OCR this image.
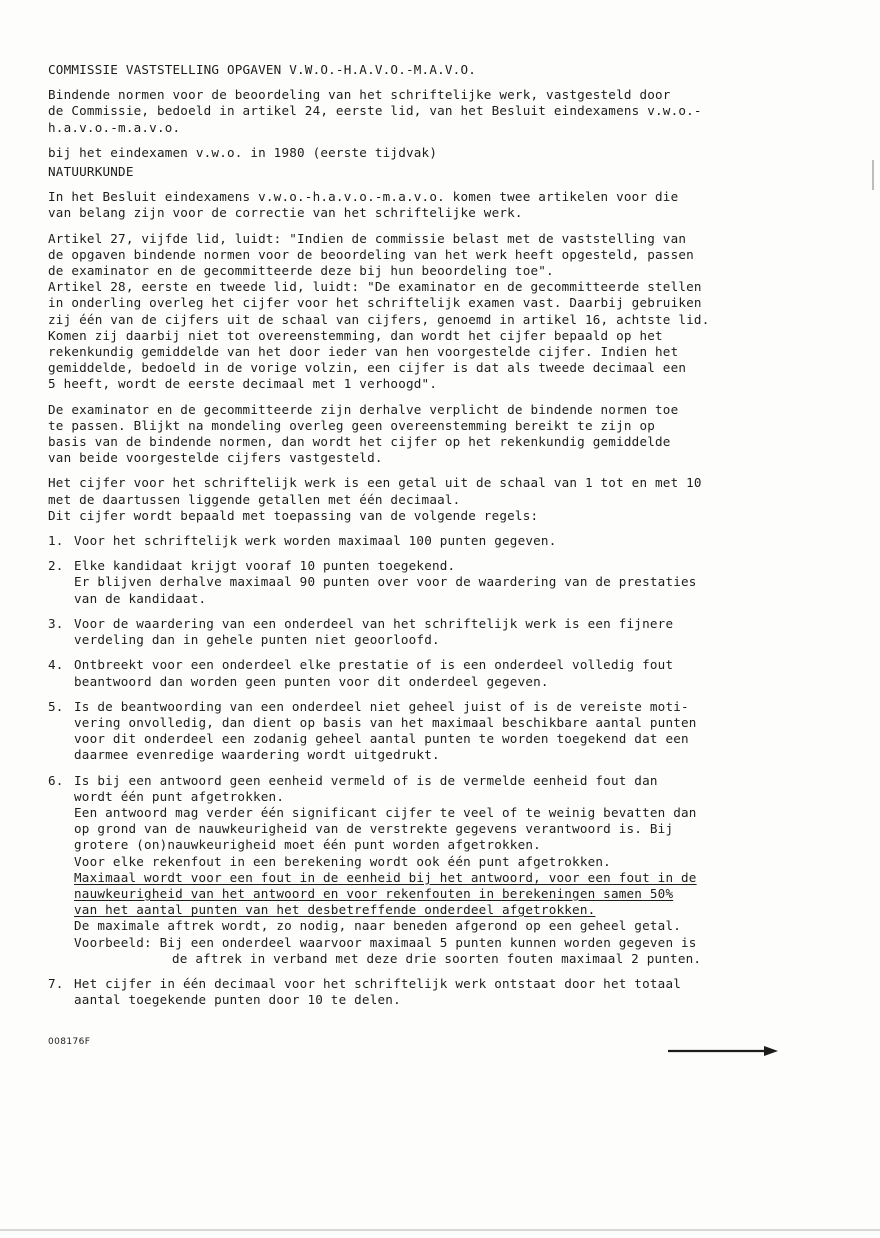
COMMISSIE VASTSTELLING OPGAVEN V.W.O.-H.A.V.O.-M.A.V.O.
Bindende normen voor de beoordeling van het schriftelijke werk, vastgesteld door
de Commissie, bedoeld in artikel 24, eerste lid, van het Besluit eindexamens v.w.o.-
h.a.v.o.-m.a.v.o.
bij het eindexamen v.w.o. in 1980 (eerste tijdvak)
NATUURKUNDE
In het Besluit eindexamens v.w.o.-h.a.v.o.-m.a.v.o. komen twee artikelen voor die
van belang zijn voor de correctie van het schriftelijke werk.
Artikel 27, vijfde lid, luidt: "Indien de commissie belast met de vaststelling van
de opgaven bindende normen voor de beoordeling van het werk heeft opgesteld, passen
de examinator en de gecommitteerde deze bij hun beoordeling toe".
Artikel 28, eerste en tweede lid, luidt: "De examinator en de gecommitteerde stellen
in onderling overleg het cijfer voor het schriftelijk examen vast. Daarbij gebruiken
zij één van de cijfers uit de schaal van cijfers, genoemd in artikel 16, achtste lid.
Komen zij daarbij niet tot overeenstemming, dan wordt het cijfer bepaald op het
rekenkundig gemiddelde van het door ieder van hen voorgestelde cijfer. Indien het
gemiddelde, bedoeld in de vorige volzin, een cijfer is dat als tweede decimaal een
5 heeft, wordt de eerste decimaal met 1 verhoogd".
De examinator en de gecommitteerde zijn derhalve verplicht de bindende normen toe
te passen. Blijkt na mondeling overleg geen overeenstemming bereikt te zijn op
basis van de bindende normen, dan wordt het cijfer op het rekenkundig gemiddelde
van beide voorgestelde cijfers vastgesteld.
Het cijfer voor het schriftelijk werk is een getal uit de schaal van 1 tot en met 10
met de daartussen liggende getallen met één decimaal.
Dit cijfer wordt bepaald met toepassing van de volgende regels:
1. Voor het schriftelijk werk worden maximaal 100 punten gegeven.
2. Elke kandidaat krijgt vooraf 10 punten toegekend.
Er blijven derhalve maximaal 90 punten over voor de waardering van de prestaties
van de kandidaat.
3. Voor de waardering van een onderdeel van het schriftelijk werk is een fijnere
verdeling dan in gehele punten niet geoorloofd.
4. Ontbreekt voor een onderdeel elke prestatie of is een onderdeel volledig fout
beantwoord dan worden geen punten voor dit onderdeel gegeven.
5. Is de beantwoording van een onderdeel niet geheel juist of is de vereiste moti-
vering onvolledig, dan dient op basis van het maximaal beschikbare aantal punten
voor dit onderdeel een zodanig geheel aantal punten te worden toegekend dat een
daarmee evenredige waardering wordt uitgedrukt.
6. Is bij een antwoord geen eenheid vermeld of is de vermelde eenheid fout dan
wordt één punt afgetrokken.
Een antwoord mag verder één significant cijfer te veel of te weinig bevatten dan
op grond van de nauwkeurigheid van de verstrekte gegevens verantwoord is. Bij
grotere (on)nauwkeurigheid moet één punt worden afgetrokken.
Voor elke rekenfout in een berekening wordt ook één punt afgetrokken.
Maximaal wordt voor een fout in de eenheid bij het antwoord, voor een fout in de
nauwkeurigheid van het antwoord en voor rekenfouten in berekeningen samen 50%
van het aantal punten van het desbetreffende onderdeel afgetrokken.
De maximale aftrek wordt, zo nodig, naar beneden afgerond op een geheel getal.
Voorbeeld: Bij een onderdeel waarvoor maximaal 5 punten kunnen worden gegeven is
de aftrek in verband met deze drie soorten fouten maximaal 2 punten.
7. Het cijfer in één decimaal voor het schriftelijk werk ontstaat door het totaal
aantal toegekende punten door 10 te delen.
008176F
